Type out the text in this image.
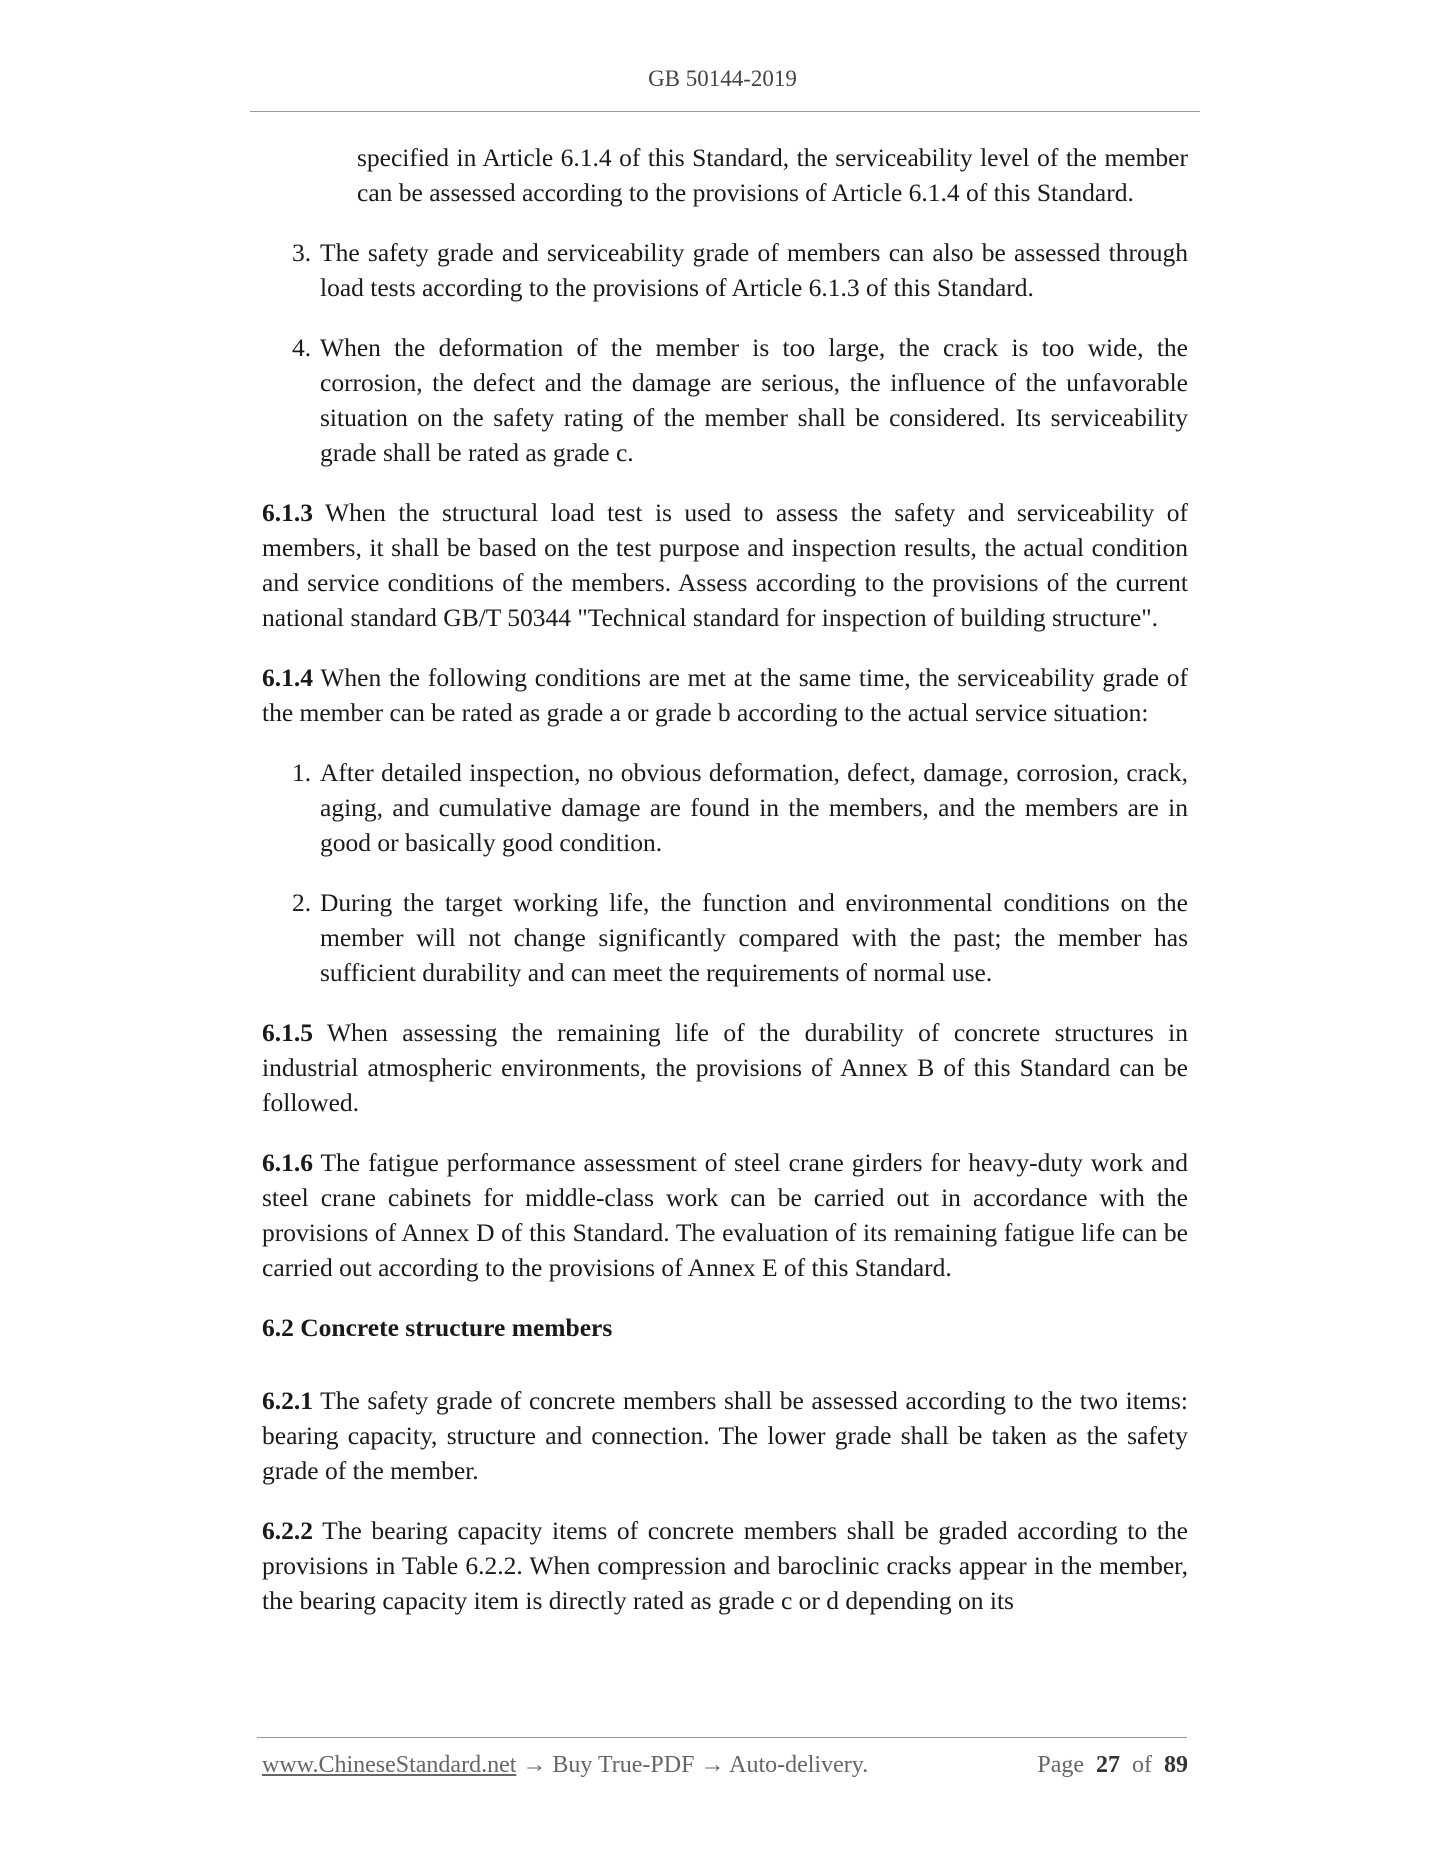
GB 50144-2019

specified in Article 6.1.4 of this Standard, the serviceability level of the member can be assessed according to the provisions of Article 6.1.4 of this Standard.

3. The safety grade and serviceability grade of members can also be assessed through load tests according to the provisions of Article 6.1.3 of this Standard.
4. When the deformation of the member is too large, the crack is too wide, the corrosion, the defect and the damage are serious, the influence of the unfavorable situation on the safety rating of the member shall be considered. Its serviceability grade shall be rated as grade c.

6.1.3 When the structural load test is used to assess the safety and serviceability of members, it shall be based on the test purpose and inspection results, the actual condition and service conditions of the members. Assess according to the provisions of the current national standard GB/T 50344 "Technical standard for inspection of building structure".

6.1.4 When the following conditions are met at the same time, the serviceability grade of the member can be rated as grade a or grade b according to the actual service situation:

1. After detailed inspection, no obvious deformation, defect, damage, corrosion, crack, aging, and cumulative damage are found in the members, and the members are in good or basically good condition.
2. During the target working life, the function and environmental conditions on the member will not change significantly compared with the past; the member has sufficient durability and can meet the requirements of normal use.

6.1.5 When assessing the remaining life of the durability of concrete structures in industrial atmospheric environments, the provisions of Annex B of this Standard can be followed.

6.1.6 The fatigue performance assessment of steel crane girders for heavy-duty work and steel crane cabinets for middle-class work can be carried out in accordance with the provisions of Annex D of this Standard. The evaluation of its remaining fatigue life can be carried out according to the provisions of Annex E of this Standard.

6.2 Concrete structure members

6.2.1 The safety grade of concrete members shall be assessed according to the two items: bearing capacity, structure and connection. The lower grade shall be taken as the safety grade of the member.

6.2.2 The bearing capacity items of concrete members shall be graded according to the provisions in Table 6.2.2. When compression and baroclinic cracks appear in the member, the bearing capacity item is directly rated as grade c or d depending on its

www.ChineseStandard.net → Buy True-PDF → Auto-delivery.	Page 27 of 89
